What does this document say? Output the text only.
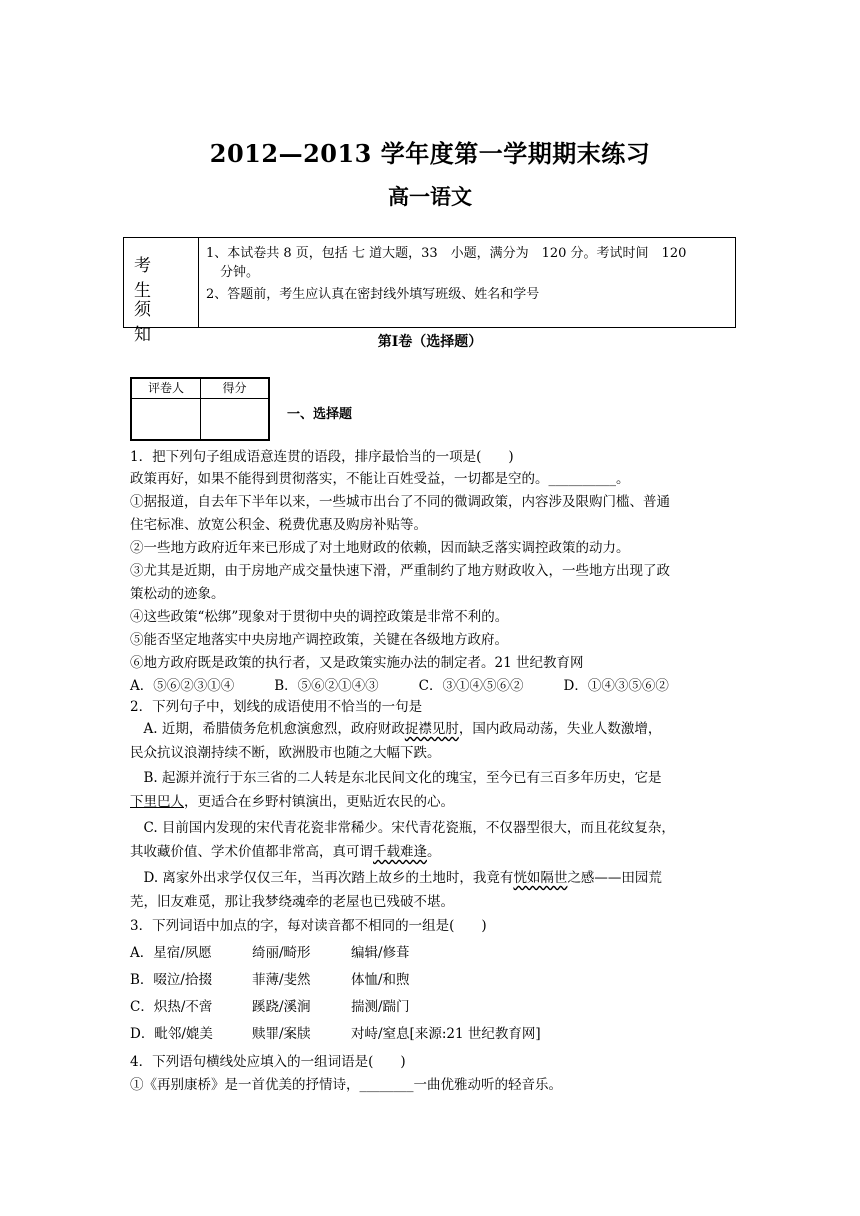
2012—2013 学年度第一学期期末练习
高一语文
考 生
须 知
1、本试卷共 8 页，包括 七 道大题，33　小题，满分为　120 分。考试时间　120
分钟。
2、答题前，考生应认真在密封线外填写班级、姓名和学号
第Ⅰ卷（选择题）
评卷人	得分
一、选择题
1．把下列句子组成语意连贯的语段，排序最恰当的一项是(　　)
政策再好，如果不能得到贯彻落实，不能让百姓受益，一切都是空的。__________。
①据报道，自去年下半年以来，一些城市出台了不同的微调政策，内容涉及限购门槛、普通
住宅标准、放宽公积金、税费优惠及购房补贴等。
②一些地方政府近年来已形成了对土地财政的依赖，因而缺乏落实调控政策的动力。
③尤其是近期，由于房地产成交量快速下滑，严重制约了地方财政收入，一些地方出现了政
策松动的迹象。
④这些政策“松绑”现象对于贯彻中央的调控政策是非常不利的。
⑤能否坚定地落实中央房地产调控政策，关键在各级地方政府。
⑥地方政府既是政策的执行者，又是政策实施办法的制定者。21 世纪教育网
A．⑤⑥②③①④	B．⑤⑥②①④③	C．③①④⑤⑥②	D．①④③⑤⑥②
2．下列句子中，划线的成语使用不恰当的一句是
　A. 近期，希腊债务危机愈演愈烈，政府财政捉襟见肘，国内政局动荡，失业人数激增，
民众抗议浪潮持续不断，欧洲股市也随之大幅下跌。
　B. 起源并流行于东三省的二人转是东北民间文化的瑰宝，至今已有三百多年历史，它是
下里巴人，更适合在乡野村镇演出，更贴近农民的心。
　C. 目前国内发现的宋代青花瓷非常稀少。宋代青花瓷瓶，不仅器型很大，而且花纹复杂，
其收藏价值、学术价值都非常高，真可谓千载难逢。
　D. 离家外出求学仅仅三年，当再次踏上故乡的土地时，我竟有恍如隔世之感——田园荒
芜，旧友难觅，那让我梦绕魂牵的老屋也已残破不堪。
3．下列词语中加点的字，每对读音都不相同的一组是(　　)
A．星宿/夙愿	绮丽/畸形	编辑/修葺
B．啜泣/拾掇	菲薄/斐然	体恤/和煦
C．炽热/不啻	蹊跷/溪涧	揣测/踹门
D．毗邻/媲美	赎罪/案牍	对峙/窒息[来源:21 世纪教育网]
4．下列语句横线处应填入的一组词语是(　　)
①《再别康桥》是一首优美的抒情诗，________一曲优雅动听的轻音乐。
